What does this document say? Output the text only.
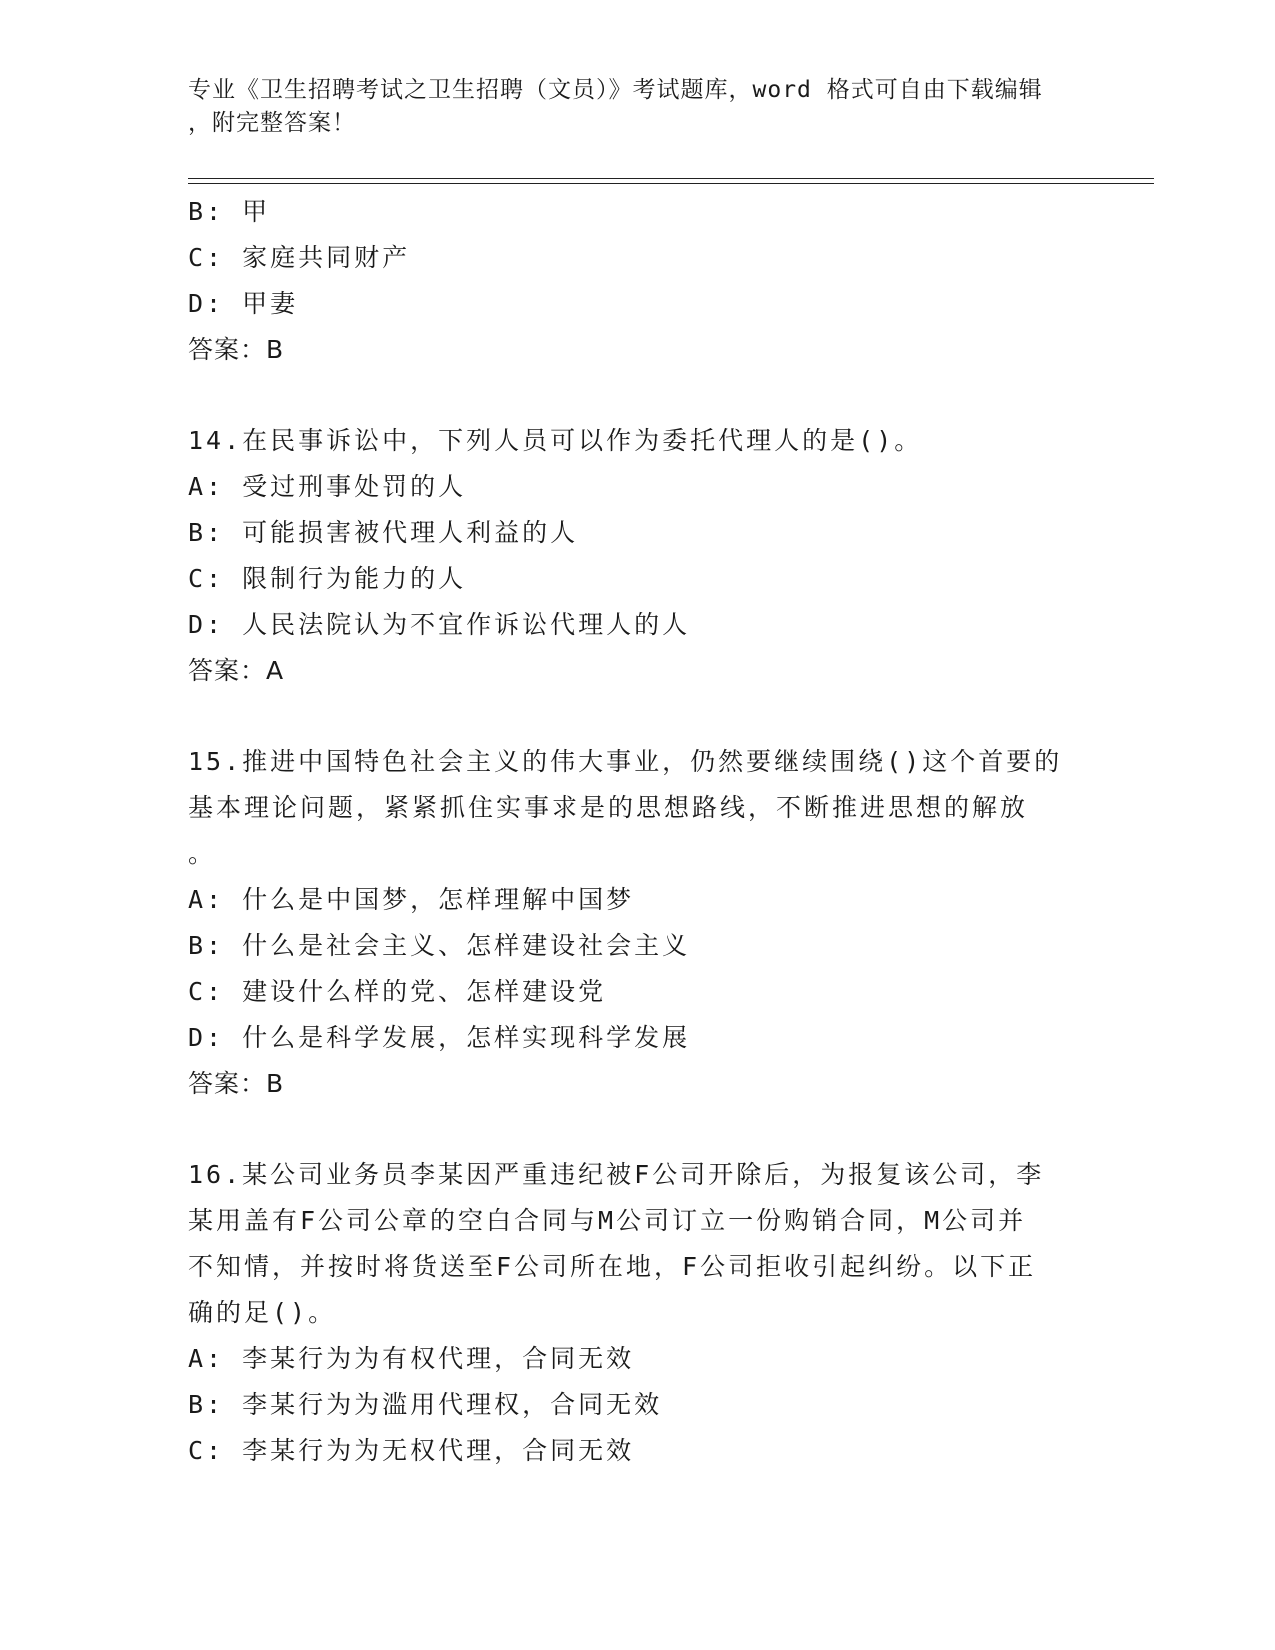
专业《卫生招聘考试之卫生招聘（文员）》考试题库，word 格式可自由下载编辑
，附完整答案！
B: 甲
C: 家庭共同财产
D: 甲妻
答案：B
14.在民事诉讼中，下列人员可以作为委托代理人的是()。
A: 受过刑事处罚的人
B: 可能损害被代理人利益的人
C: 限制行为能力的人
D: 人民法院认为不宜作诉讼代理人的人
答案：A
15.推进中国特色社会主义的伟大事业，仍然要继续围绕()这个首要的
基本理论问题，紧紧抓住实事求是的思想路线，不断推进思想的解放
。
A: 什么是中国梦，怎样理解中国梦
B: 什么是社会主义、怎样建设社会主义
C: 建设什么样的党、怎样建设党
D: 什么是科学发展，怎样实现科学发展
答案：B
16.某公司业务员李某因严重违纪被F公司开除后，为报复该公司，李
某用盖有F公司公章的空白合同与M公司订立一份购销合同，M公司并
不知情，并按时将货送至F公司所在地，F公司拒收引起纠纷。以下正
确的足()。
A: 李某行为为有权代理，合同无效
B: 李某行为为滥用代理权，合同无效
C: 李某行为为无权代理，合同无效
